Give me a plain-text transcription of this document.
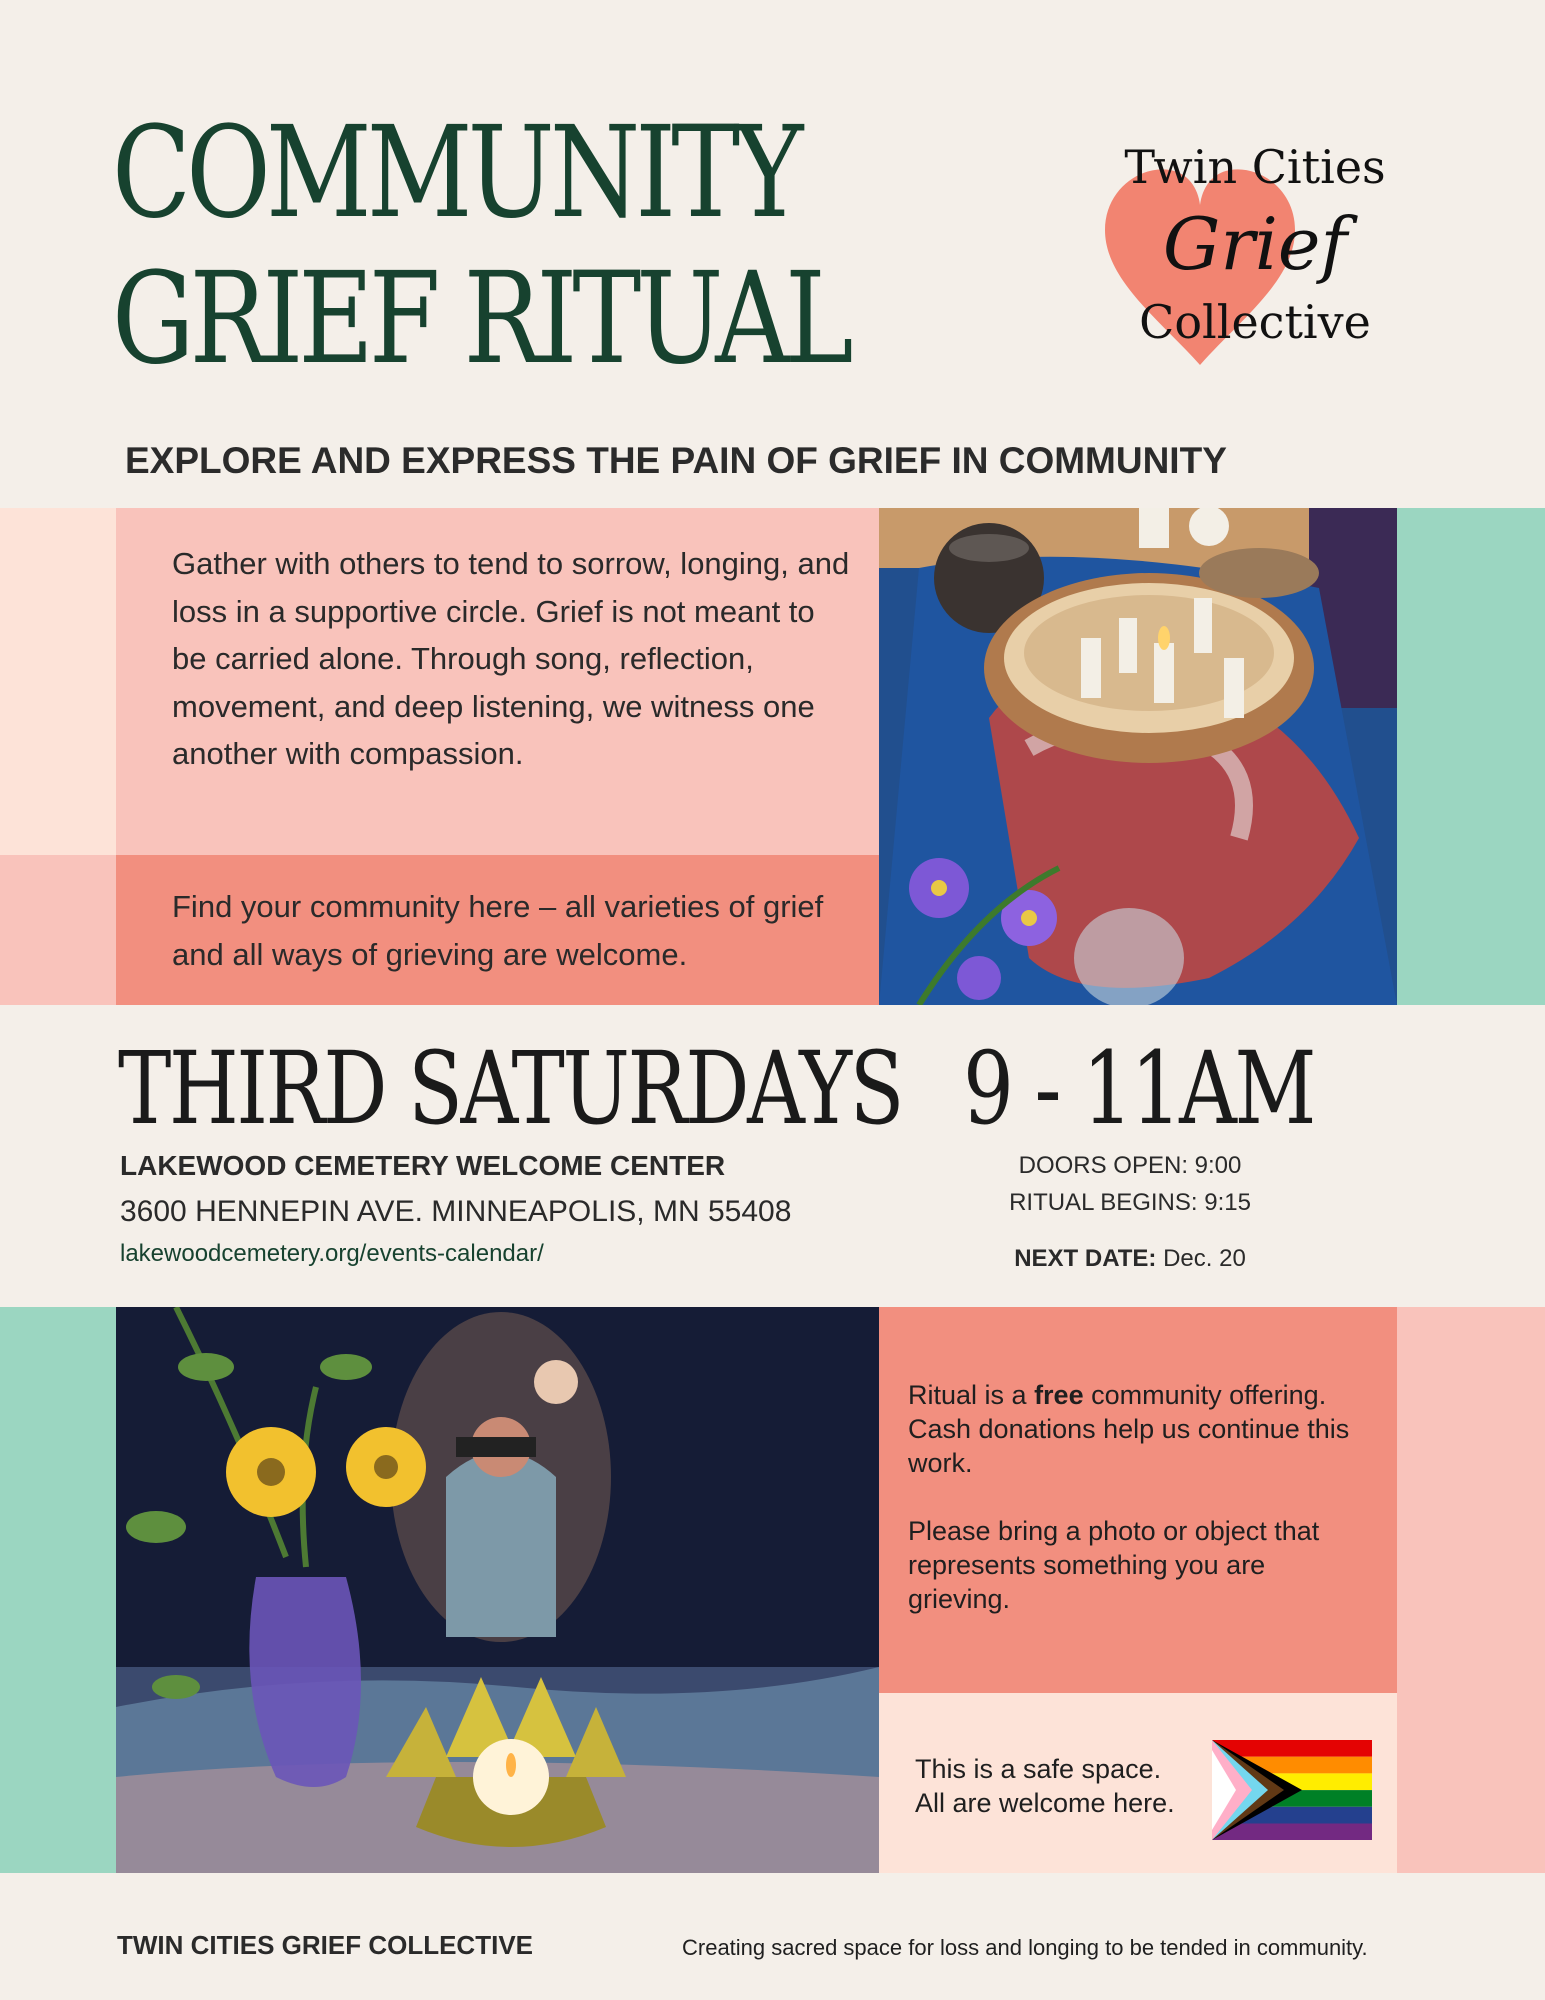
COMMUNITY
GRIEF RITUAL
Twin Cities
Grief
Collective
EXPLORE AND EXPRESS THE PAIN OF GRIEF IN COMMUNITY
Gather with others to tend to sorrow, longing, and loss in a supportive circle. Grief is not meant to be carried alone. Through song, reflection, movement, and deep listening, we witness one another with compassion.
Find your community here – all varieties of grief and all ways of grieving are welcome.
THIRD SATURDAYS 9 - 11AM
LAKEWOOD CEMETERY WELCOME CENTER
3600 HENNEPIN AVE. MINNEAPOLIS, MN 55408
lakewoodcemetery.org/events-calendar/
DOORS OPEN: 9:00
RITUAL BEGINS: 9:15
NEXT DATE: Dec. 20

Ritual is a free community offering. Cash donations help us continue this work.

Please bring a photo or object that represents something you are grieving.

This is a safe space.
All are welcome here.
TWIN CITIES GRIEF COLLECTIVE	Creating sacred space for loss and longing to be tended in community.
